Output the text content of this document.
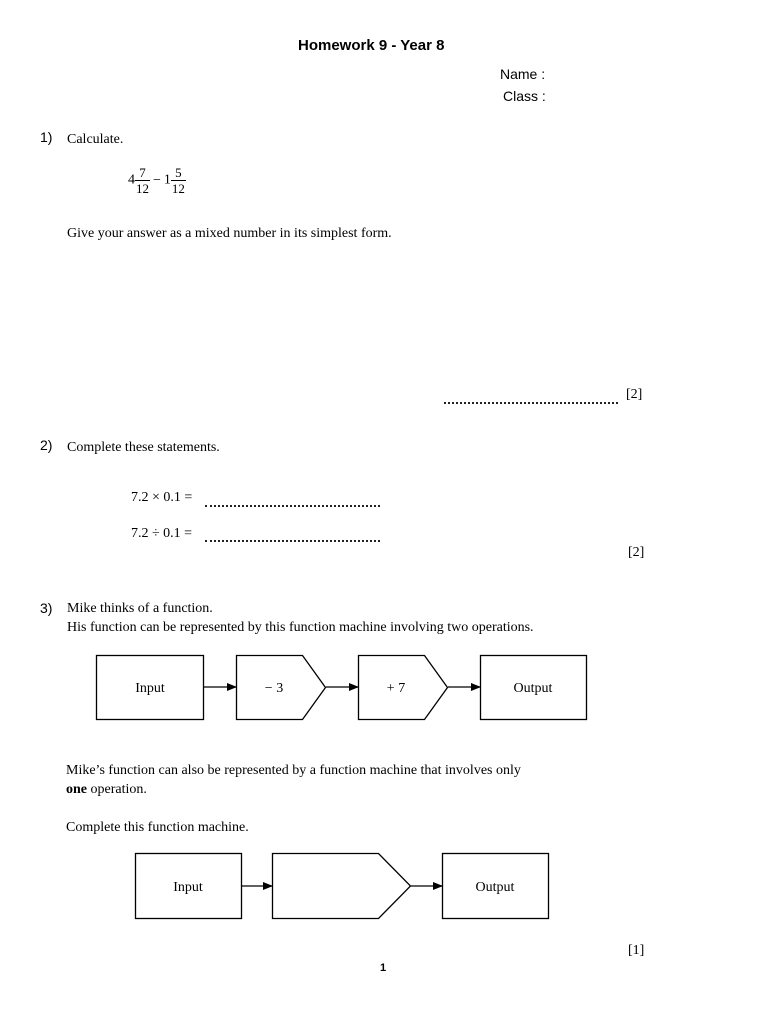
Homework 9 - Year 8
Name :
Class :
1) Calculate.
$4 \frac{7}{12} - 1 \frac{5}{12}$
Give your answer as a mixed number in its simplest form.
[2]
2) Complete these statements.
7.2 × 0.1 =
7.2 ÷ 0.1 =
[2]
3) Mike thinks of a function.
His function can be represented by this function machine involving two operations.
Input	− 3	+ 7	Output
Input	Output
Mike’s function can also be represented by a function machine that involves only
one operation.
Complete this function machine.
[1]
1
